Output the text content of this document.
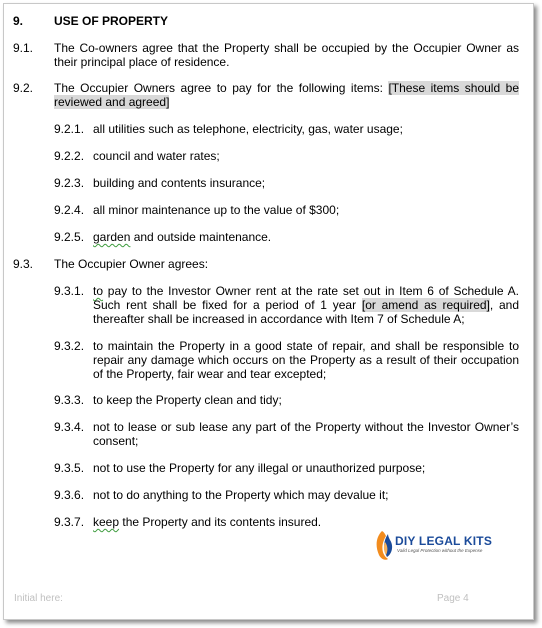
9.	USE OF PROPERTY
9.1. The Co-owners agree that the Property shall be occupied by the Occupier Owner as their principal place of residence.
9.2. The Occupier Owners agree to pay for the following items: [These items should be reviewed and agreed]
9.2.1. all utilities such as telephone, electricity, gas, water usage;
9.2.2. council and water rates;
9.2.3. building and contents insurance;
9.2.4. all minor maintenance up to the value of $300;
9.2.5. garden and outside maintenance.
9.3. The Occupier Owner agrees:
9.3.1. to pay to the Investor Owner rent at the rate set out in Item 6 of Schedule A. Such rent shall be fixed for a period of 1 year [or amend as required], and thereafter shall be increased in accordance with Item 7 of Schedule A;
9.3.2. to maintain the Property in a good state of repair, and shall be responsible to repair any damage which occurs on the Property as a result of their occupation of the Property, fair wear and tear excepted;
9.3.3. to keep the Property clean and tidy;
9.3.4. not to lease or sub lease any part of the Property without the Investor Owner’s consent;
9.3.5. not to use the Property for any illegal or unauthorized purpose;
9.3.6. not to do anything to the Property which may devalue it;
9.3.7. keep the Property and its contents insured.
DIY LEGAL KITS
Valid Legal Protection without the Expense
Initial here:	Page 4
